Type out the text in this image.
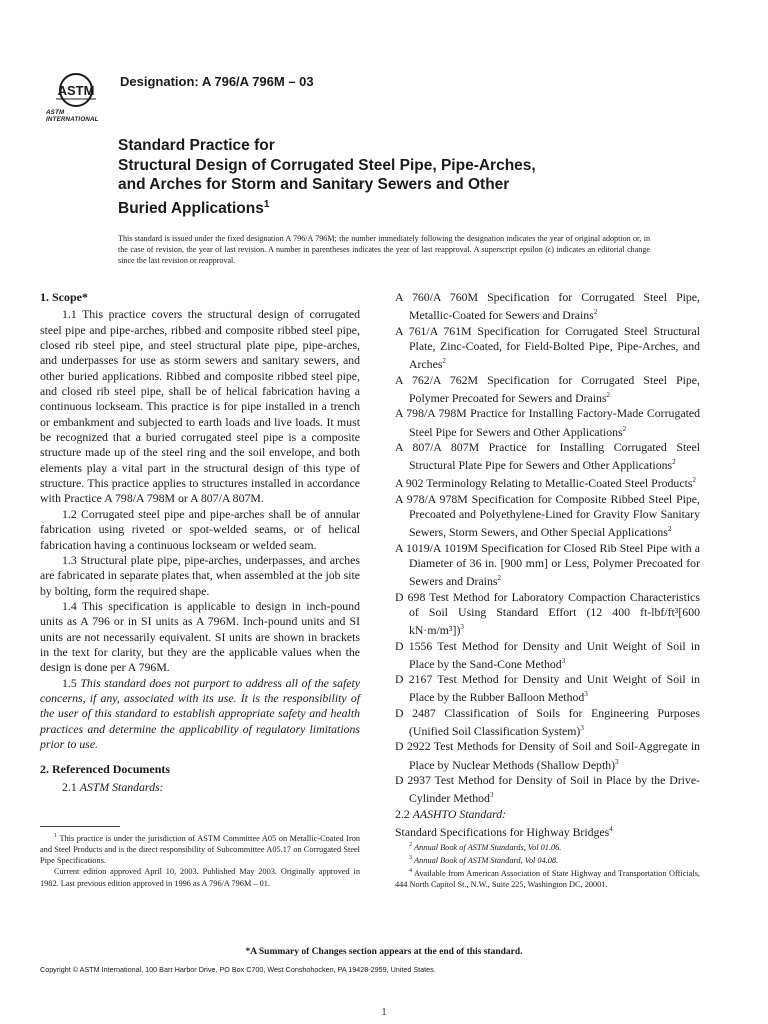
ASTM
ASTM INTERNATIONAL
Designation: A 796/A 796M – 03
Standard Practice for
Structural Design of Corrugated Steel Pipe, Pipe-Arches,
and Arches for Storm and Sanitary Sewers and Other
Buried Applications$^1$
This standard is issued under the fixed designation A 796/A 796M; the number immediately following the designation indicates the year of original adoption or, in the case of revision, the year of last revision. A number in parentheses indicates the year of last reapproval. A superscript epsilon (ϵ) indicates an editorial change since the last revision or reapproval.
1. Scope*

1.1 This practice covers the structural design of corrugated steel pipe and pipe-arches, ribbed and composite ribbed steel pipe, closed rib steel pipe, and steel structural plate pipe, pipe-arches, and underpasses for use as storm sewers and sanitary sewers, and other buried applications. Ribbed and composite ribbed steel pipe, and closed rib steel pipe, shall be of helical fabrication having a continuous lockseam. This practice is for pipe installed in a trench or embankment and subjected to earth loads and live loads. It must be recognized that a buried corrugated steel pipe is a composite structure made up of the steel ring and the soil envelope, and both elements play a vital part in the structural design of this type of structure. This practice applies to structures installed in accordance with Practice A 798/A 798M or A 807/A 807M.

1.2 Corrugated steel pipe and pipe-arches shall be of annular fabrication using riveted or spot-welded seams, or of helical fabrication having a continuous lockseam or welded seam.

1.3 Structural plate pipe, pipe-arches, underpasses, and arches are fabricated in separate plates that, when assembled at the job site by bolting, form the required shape.

1.4 This specification is applicable to design in inch-pound units as A 796 or in SI units as A 796M. Inch-pound units and SI units are not necessarily equivalent. SI units are shown in brackets in the text for clarity, but they are the applicable values when the design is done per A 796M.

1.5 This standard does not purport to address all of the safety concerns, if any, associated with its use. It is the responsibility of the user of this standard to establish appropriate safety and health practices and determine the applicability of regulatory limitations prior to use.

2. Referenced Documents

2.1 ASTM Standards:

A 760/A 760M Specification for Corrugated Steel Pipe, Metallic-Coated for Sewers and Drains$^2$

A 761/A 761M Specification for Corrugated Steel Structural Plate, Zinc-Coated, for Field-Bolted Pipe, Pipe-Arches, and Arches$^2$

A 762/A 762M Specification for Corrugated Steel Pipe, Polymer Precoated for Sewers and Drains$^2$

A 798/A 798M Practice for Installing Factory-Made Corrugated Steel Pipe for Sewers and Other Applications$^2$

A 807/A 807M Practice for Installing Corrugated Steel Structural Plate Pipe for Sewers and Other Applications$^2$

A 902 Terminology Relating to Metallic-Coated Steel Products$^2$

A 978/A 978M Specification for Composite Ribbed Steel Pipe, Precoated and Polyethylene-Lined for Gravity Flow Sanitary Sewers, Storm Sewers, and Other Special Applications$^2$

A 1019/A 1019M Specification for Closed Rib Steel Pipe with a Diameter of 36 in. [900 mm] or Less, Polymer Precoated for Sewers and Drains$^2$

D 698 Test Method for Laboratory Compaction Characteristics of Soil Using Standard Effort (12 400 ft-lbf/ft³[600 kN·m/m³])$^3$

D 1556 Test Method for Density and Unit Weight of Soil in Place by the Sand-Cone Method$^3$

D 2167 Test Method for Density and Unit Weight of Soil in Place by the Rubber Balloon Method$^3$

D 2487 Classification of Soils for Engineering Purposes (Unified Soil Classification System)$^3$

D 2922 Test Methods for Density of Soil and Soil-Aggregate in Place by Nuclear Methods (Shallow Depth)$^3$

D 2937 Test Method for Density of Soil in Place by the Drive-Cylinder Method$^3$

2.2 AASHTO Standard:

Standard Specifications for Highway Bridges$^4$

$^1$ This practice is under the jurisdiction of ASTM Committee A05 on Metallic-Coated Iron and Steel Products and is the direct responsibility of Subcommittee A05.17 on Corrugated Steel Pipe Specifications.

Current edition approved April 10, 2003. Published May 2003. Originally approved in 1982. Last previous edition approved in 1996 as A 796/A 796M – 01.

$^2$ Annual Book of ASTM Standards, Vol 01.06.

$^3$ Annual Book of ASTM Standard, Vol 04.08.

$^4$ Available from American Association of State Highway and Transportation Officials, 444 North Capitol St., N.W., Suite 225, Washington DC, 20001.

*A Summary of Changes section appears at the end of this standard.
Copyright © ASTM International, 100 Barr Harbor Drive, PO Box C700, West Conshohocken, PA 19428-2959, United States.
1
